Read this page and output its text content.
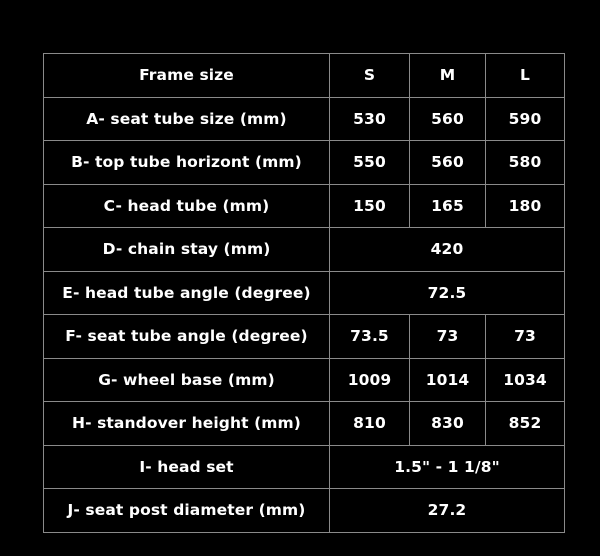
Frame size	S	M	L
A- seat tube size (mm)	530	560	590
B- top tube horizont (mm)	550	560	580
C- head tube (mm)	150	165	180
D- chain stay (mm)	420		
E- head tube angle (degree)	72.5		
F- seat tube angle (degree)	73.5	73	73
G- wheel base (mm)	1009	1014	1034
H- standover height (mm)	810	830	852
I- head set	1.5" - 1 1/8"		
J- seat post diameter (mm)	27.2		
